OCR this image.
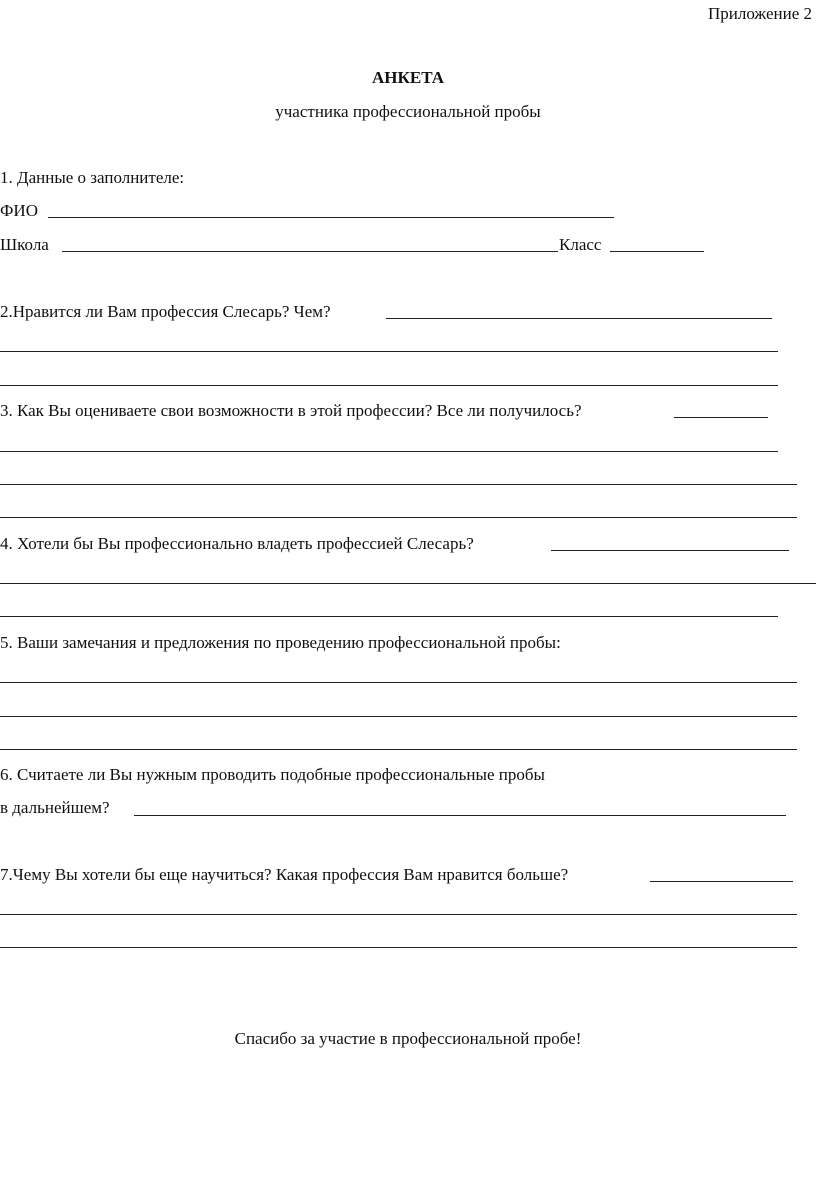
Приложение 2
АНКЕТА
участника профессиональной пробы
1. Данные о заполнителе:
ФИО
Школа	Класс
2.Нравится ли Вам профессия Слесарь? Чем?
3. Как Вы оцениваете свои возможности в этой профессии? Все ли получилось?
4. Хотели бы Вы профессионально владеть профессией Слесарь?
5. Ваши замечания и предложения по проведению профессиональной пробы:
6. Считаете ли Вы нужным проводить подобные профессиональные пробы
в дальнейшем?
7.Чему Вы хотели бы еще научиться? Какая профессия Вам нравится больше?
Спасибо за участие в профессиональной пробе!
